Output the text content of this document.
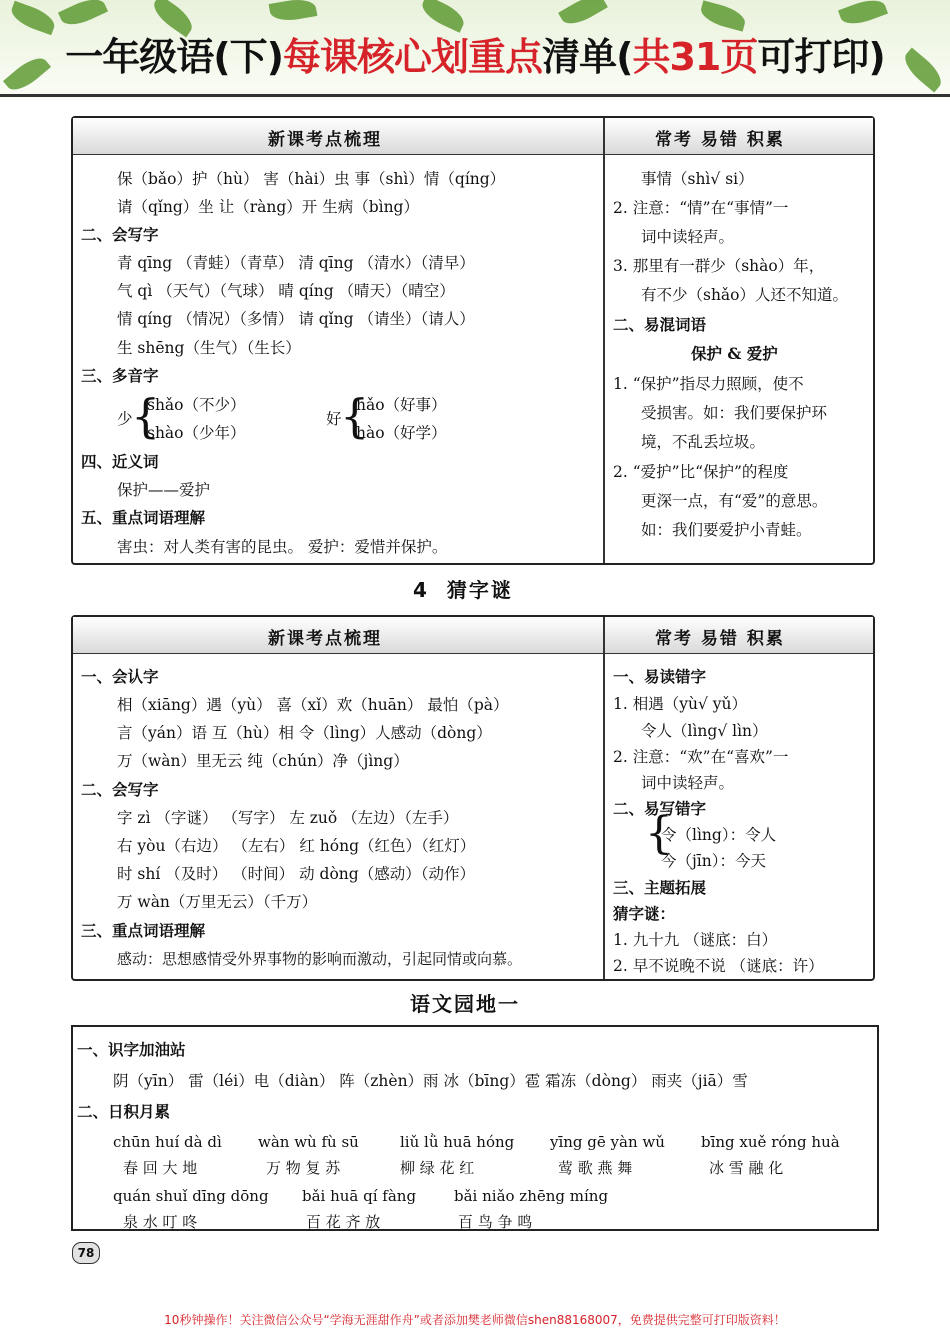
一年级语(下)每课核心划重点清单(共31页可打印)
新课考点梳理	常考 易错 积累
保（bǎo）护（hù） 害（hài）虫 事（shì）情（qíng）
请（qǐng）坐 让（ràng）开 生病（bìng）
二、会写字
青 qīng （青蛙）（青草） 清 qīng （清水）（清早）
气 qì （天气）（气球） 晴 qíng （晴天）（晴空）
情 qíng （情况）（多情） 请 qǐng （请坐）（请人）
生 shēng（生气）（生长）
三、多音字
少
{
shǎo（不少）
shào（少年）
好
{
hǎo（好事）
hào（好学）
四、近义词
保护——爱护
五、重点词语理解
害虫：对人类有害的昆虫。 爱护：爱惜并保护。
事情（shì√ si）
2. 注意：“情”在“事情”一
词中读轻声。
3. 那里有一群少（shào）年，
有不少（shǎo）人还不知道。
二、易混词语
保护 & 爱护
1. “保护”指尽力照顾，使不
受损害。如：我们要保护环
境，不乱丢垃圾。
2. “爱护”比“保护”的程度
更深一点，有“爱”的意思。
如：我们要爱护小青蛙。
4 猜字谜
新课考点梳理	常考 易错 积累
一、会认字
相（xiāng）遇（yù） 喜（xǐ）欢（huān） 最怕（pà）
言（yán）语 互（hù）相 令（lìng）人感动（dòng）
万（wàn）里无云 纯（chún）净（jìng）
二、会写字
字 zì （字谜） （写字） 左 zuǒ （左边）（左手）
右 yòu（右边） （左右） 红 hóng（红色）（红灯）
时 shí （及时） （时间） 动 dòng（感动）（动作）
万 wàn（万里无云）（千万）
三、重点词语理解
感动：思想感情受外界事物的影响而激动，引起同情或向慕。
一、易读错字
1. 相遇（yù√ yǔ）
令人（lìng√ lìn）
2. 注意：“欢”在“喜欢”一
词中读轻声。
二、易写错字
{
令（lìng）：令人
今（jīn）：今天
三、主题拓展
猜字谜：
1. 九十九 （谜底：白）
2. 早不说晚不说 （谜底：许）
语文园地一
一、识字加油站
阴（yīn） 雷（léi）电（diàn） 阵（zhèn）雨 冰（bīng）雹 霜冻（dòng） 雨夹（jiā）雪
二、日积月累
chūn huí dà dì
春 回 大 地
wàn wù fù sū
万 物 复 苏
liǔ lǜ huā hóng
柳 绿 花 红
yīng gē yàn wǔ
莺 歌 燕 舞
bīng xuě róng huà
冰 雪 融 化
quán shuǐ dīng dōng
泉 水 叮 咚
bǎi huā qí fàng
百 花 齐 放
bǎi niǎo zhēng míng
百 鸟 争 鸣
78
10秒钟操作！关注微信公众号“学海无涯甜作舟”或者添加樊老师微信shen88168007，免费提供完整可打印版资料！
